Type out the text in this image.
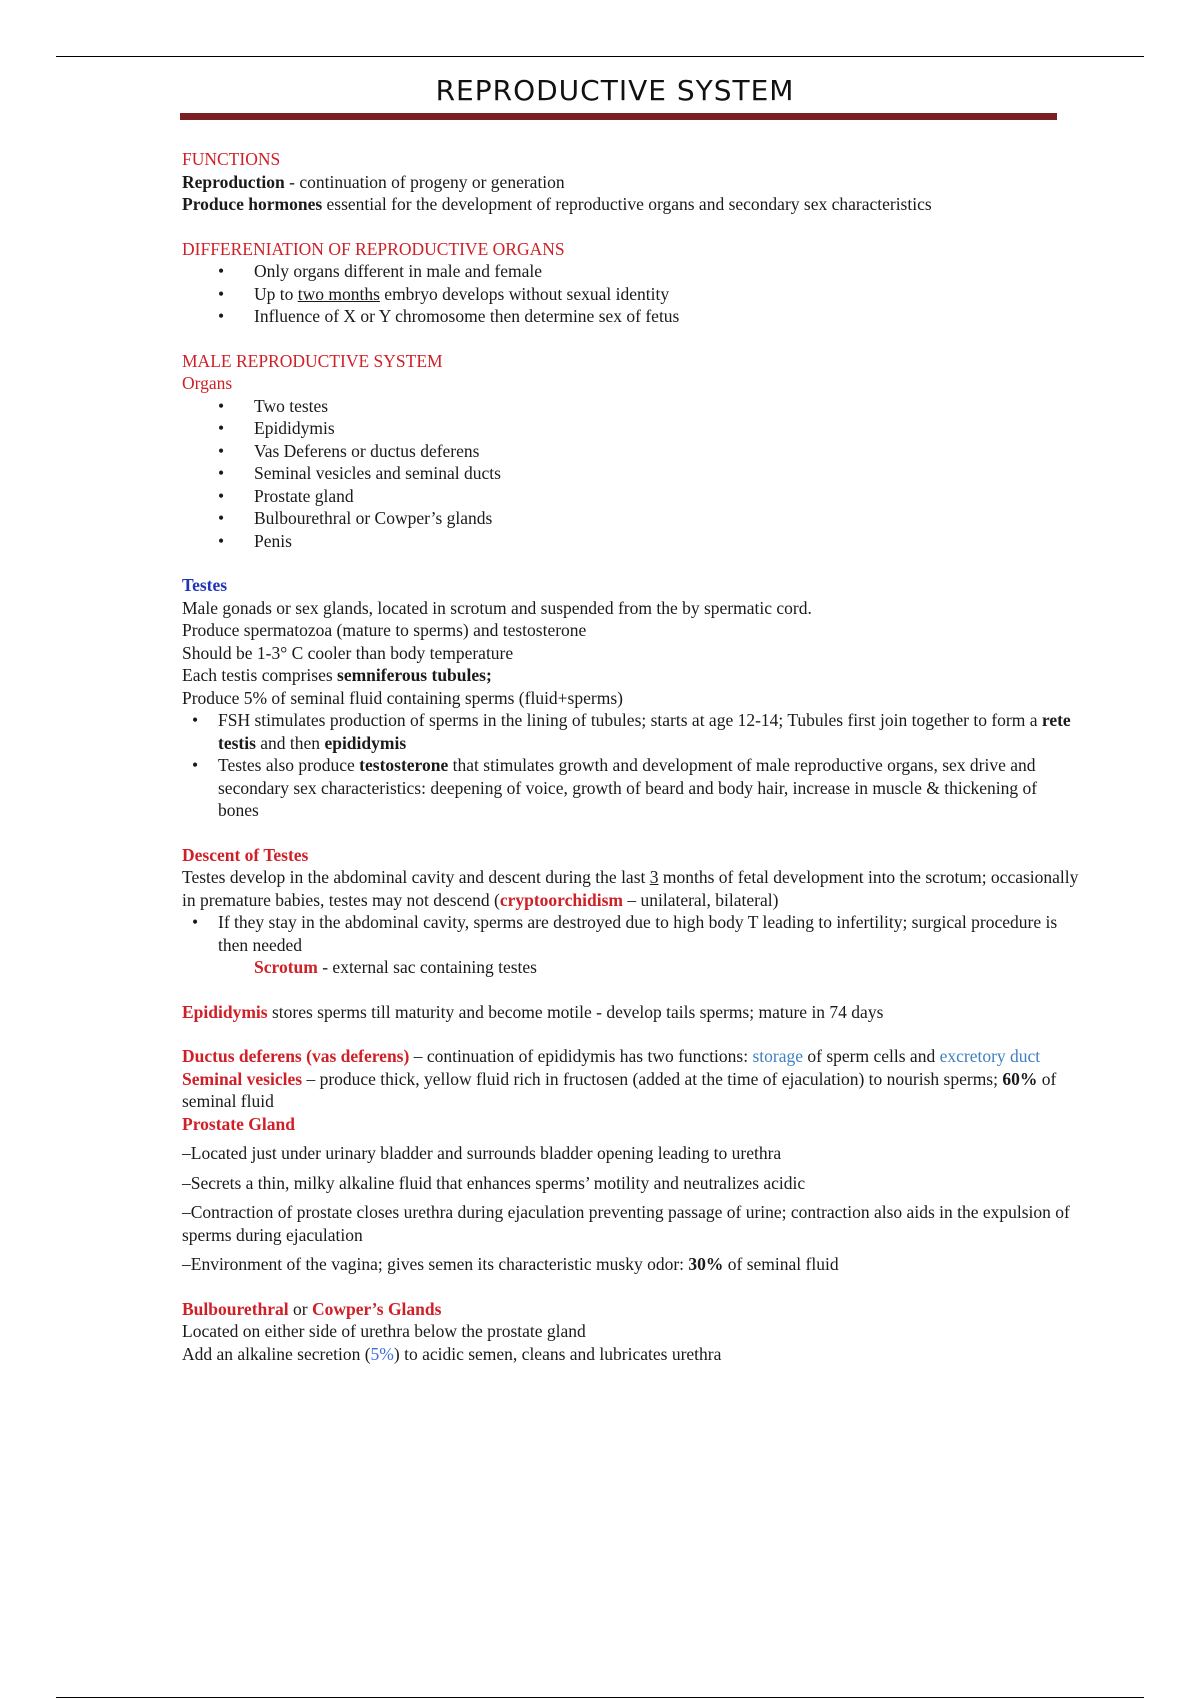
REPRODUCTIVE SYSTEM
FUNCTIONS
Reproduction - continuation of progeny or generation
Produce hormones essential for the development of reproductive organs and secondary sex characteristics
DIFFERENIATION OF REPRODUCTIVE ORGANS
• Only organs different in male and female
• Up to two months embryo develops without sexual identity
• Influence of X or Y chromosome then determine sex of fetus
MALE REPRODUCTIVE SYSTEM
Organs
• Two testes
• Epididymis
• Vas Deferens or ductus deferens
• Seminal vesicles and seminal ducts
• Prostate gland
• Bulbourethral or Cowper’s glands
• Penis
Testes
Male gonads or sex glands, located in scrotum and suspended from the by spermatic cord.
Produce spermatozoa (mature to sperms) and testosterone
Should be 1-3° C cooler than body temperature
Each testis comprises semniferous tubules;
Produce 5% of seminal fluid containing sperms (fluid+sperms)
• FSH stimulates production of sperms in the lining of tubules; starts at age 12-14; Tubules first join together to form a rete testis and then epididymis
• Testes also produce testosterone that stimulates growth and development of male reproductive organs, sex drive and secondary sex characteristics: deepening of voice, growth of beard and body hair, increase in muscle & thickening of bones
Descent of Testes
Testes develop in the abdominal cavity and descent during the last 3 months of fetal development into the scrotum; occasionally in premature babies, testes may not descend (cryptoorchidism – unilateral, bilateral)
• If they stay in the abdominal cavity, sperms are destroyed due to high body T leading to infertility; surgical procedure is then needed
Scrotum - external sac containing testes
Epididymis stores sperms till maturity and become motile - develop tails sperms; mature in 74 days
Ductus deferens (vas deferens) – continuation of epididymis has two functions: storage of sperm cells and excretory duct
Seminal vesicles – produce thick, yellow fluid rich in fructosen (added at the time of ejaculation) to nourish sperms; 60% of seminal fluid
Prostate Gland
–Located just under urinary bladder and surrounds bladder opening leading to urethra
–Secrets a thin, milky alkaline fluid that enhances sperms’ motility and neutralizes acidic
–Contraction of prostate closes urethra during ejaculation preventing passage of urine; contraction also aids in the expulsion of sperms during ejaculation
–Environment of the vagina; gives semen its characteristic musky odor: 30% of seminal fluid
Bulbourethral or Cowper’s Glands
Located on either side of urethra below the prostate gland
Add an alkaline secretion (5%) to acidic semen, cleans and lubricates urethra
